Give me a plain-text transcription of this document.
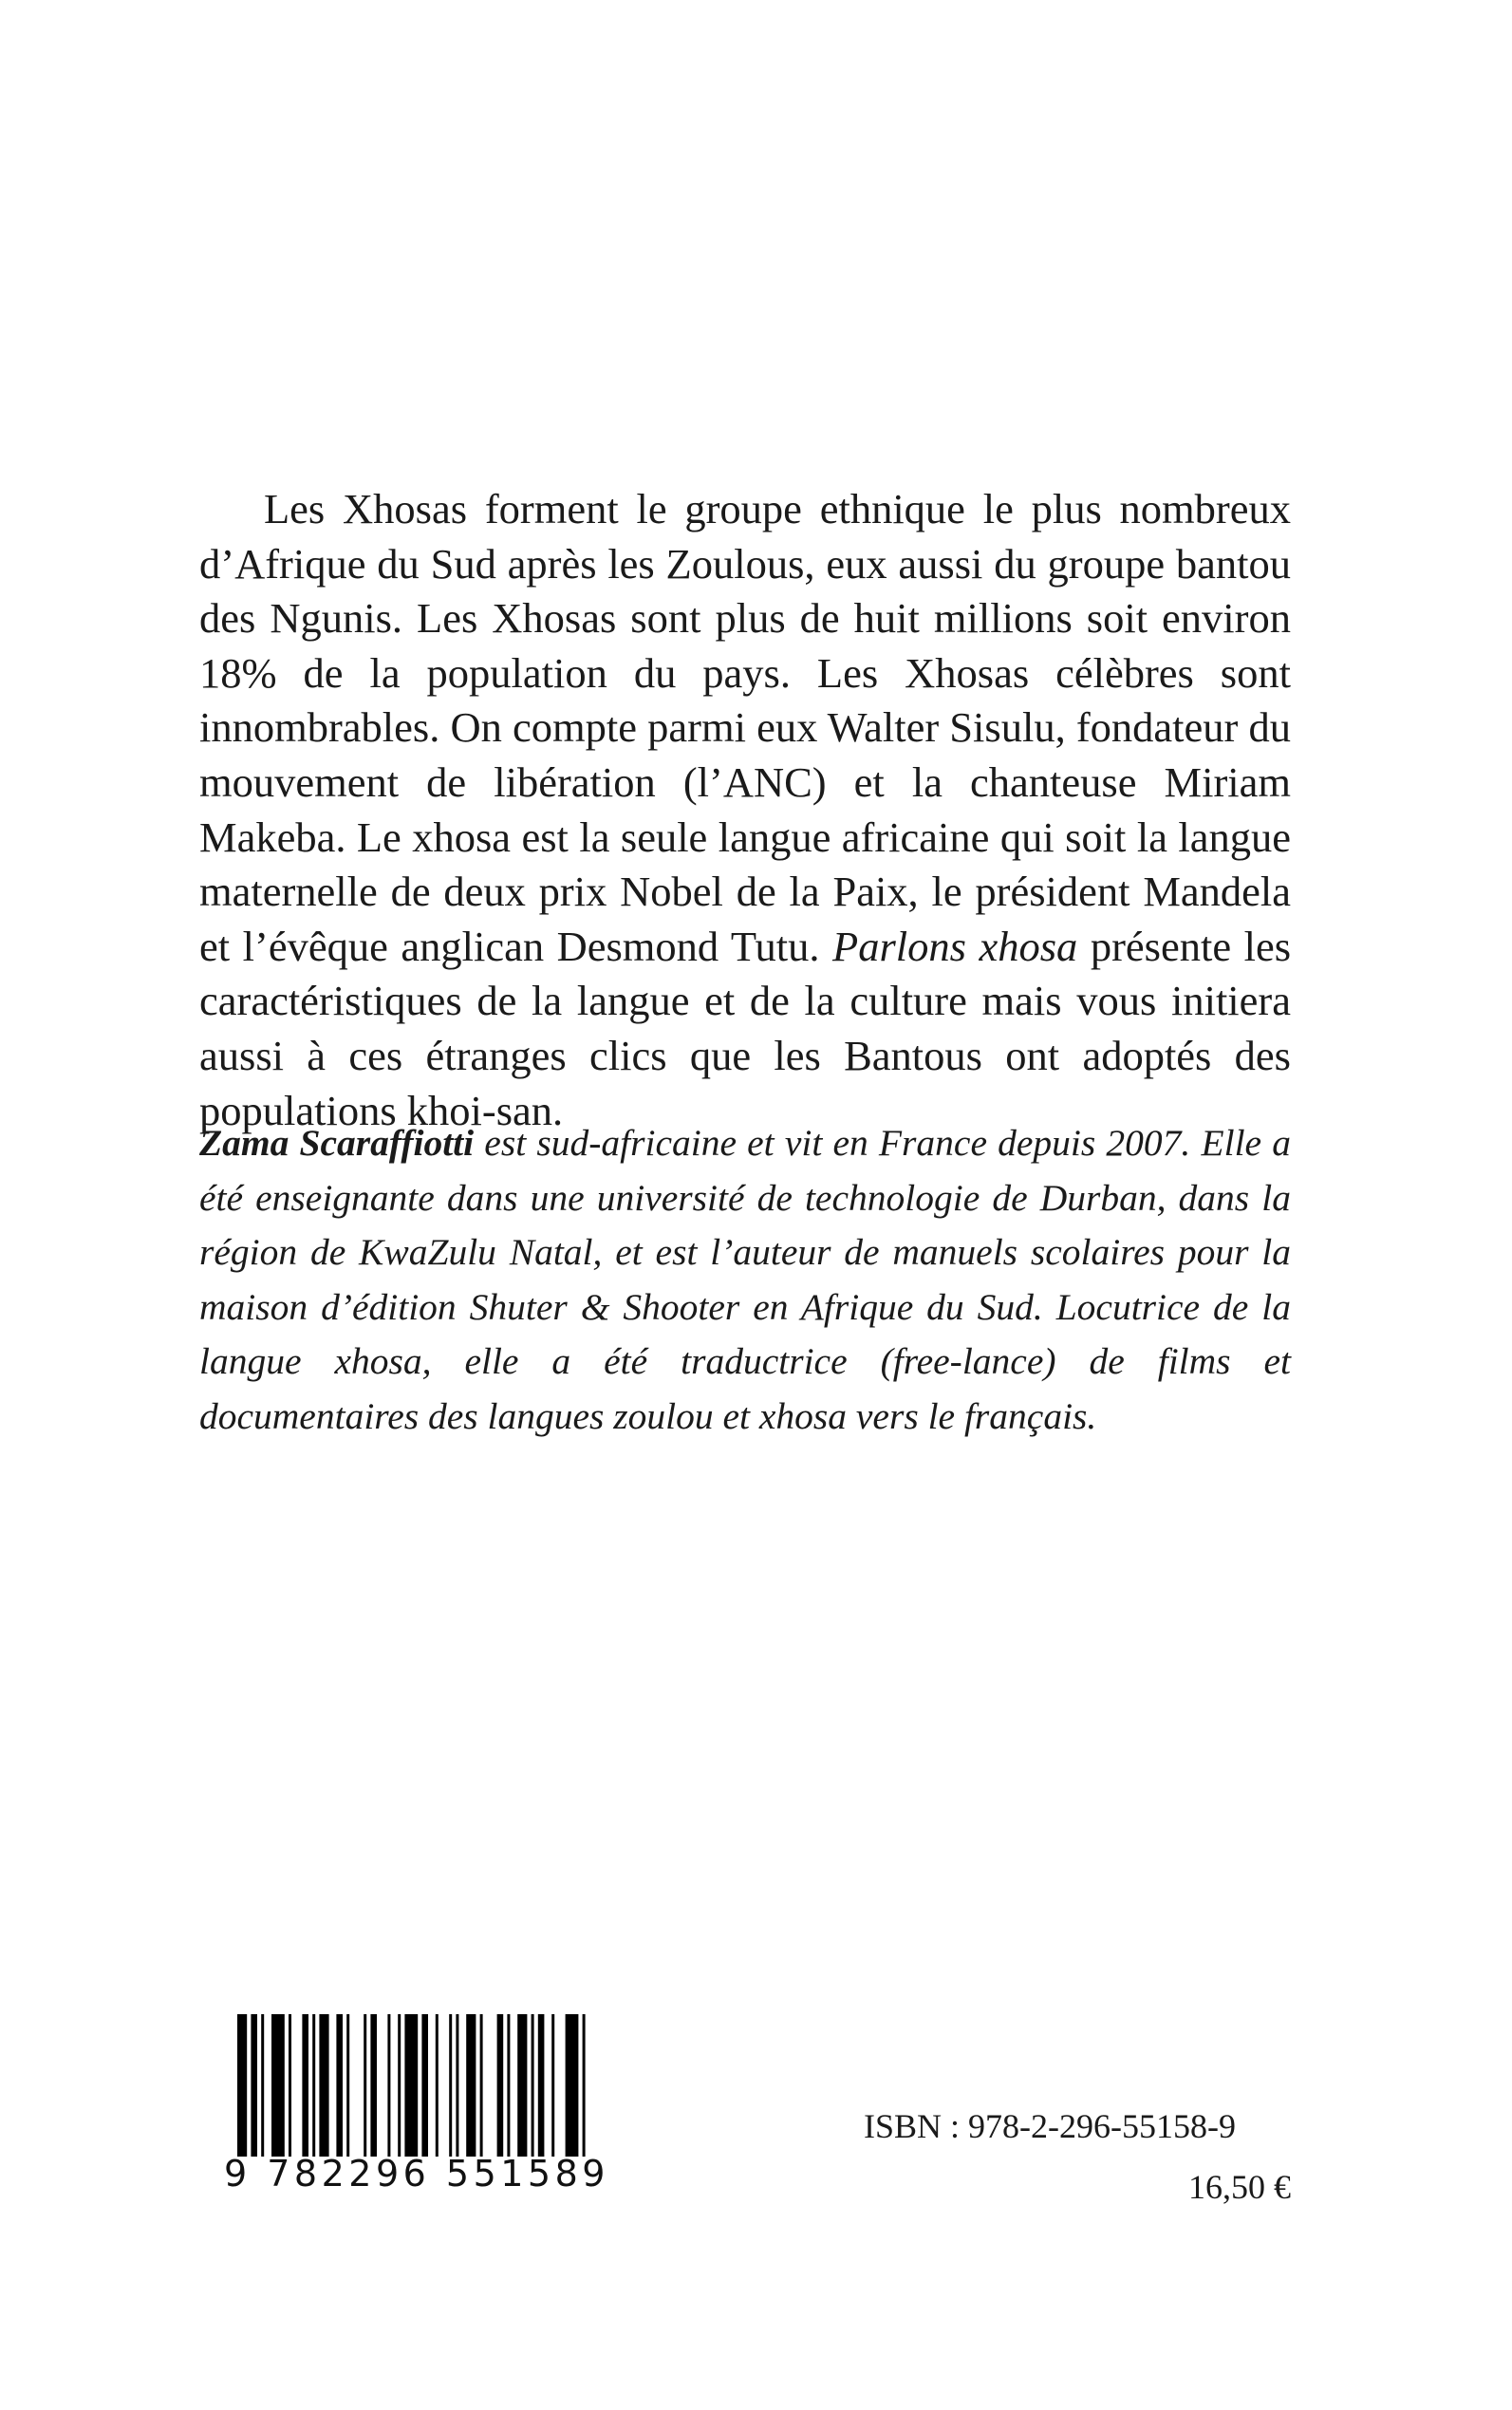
Les Xhosas forment le groupe ethnique le plus nombreux d’Afrique du Sud après les Zoulous, eux aussi du groupe bantou des Ngunis. Les Xhosas sont plus de huit millions soit environ 18% de la population du pays. Les Xhosas célèbres sont innombrables. On compte parmi eux Walter Sisulu, fondateur du mouvement de libération (l’ANC) et la chanteuse Miriam Makeba. Le xhosa est la seule langue africaine qui soit la langue maternelle de deux prix Nobel de la Paix, le président Mandela et l’évêque anglican Desmond Tutu. Parlons xhosa présente les caractéristiques de la langue et de la culture mais vous initiera aussi à ces étranges clics que les Bantous ont adoptés des populations khoi-san.

Zama Scaraffiotti est sud-africaine et vit en France depuis 2007. Elle a été enseignante dans une université de technologie de Durban, dans la région de KwaZulu Natal, et est l’auteur de manuels scolaires pour la maison d’édition Shuter & Shooter en Afrique du Sud. Locutrice de la langue xhosa, elle a été traductrice (free-lance) de films et documentaires des langues zoulou et xhosa vers le français.

9 782296 551589
ISBN : 978-2-296-55158-9
16,50 €
